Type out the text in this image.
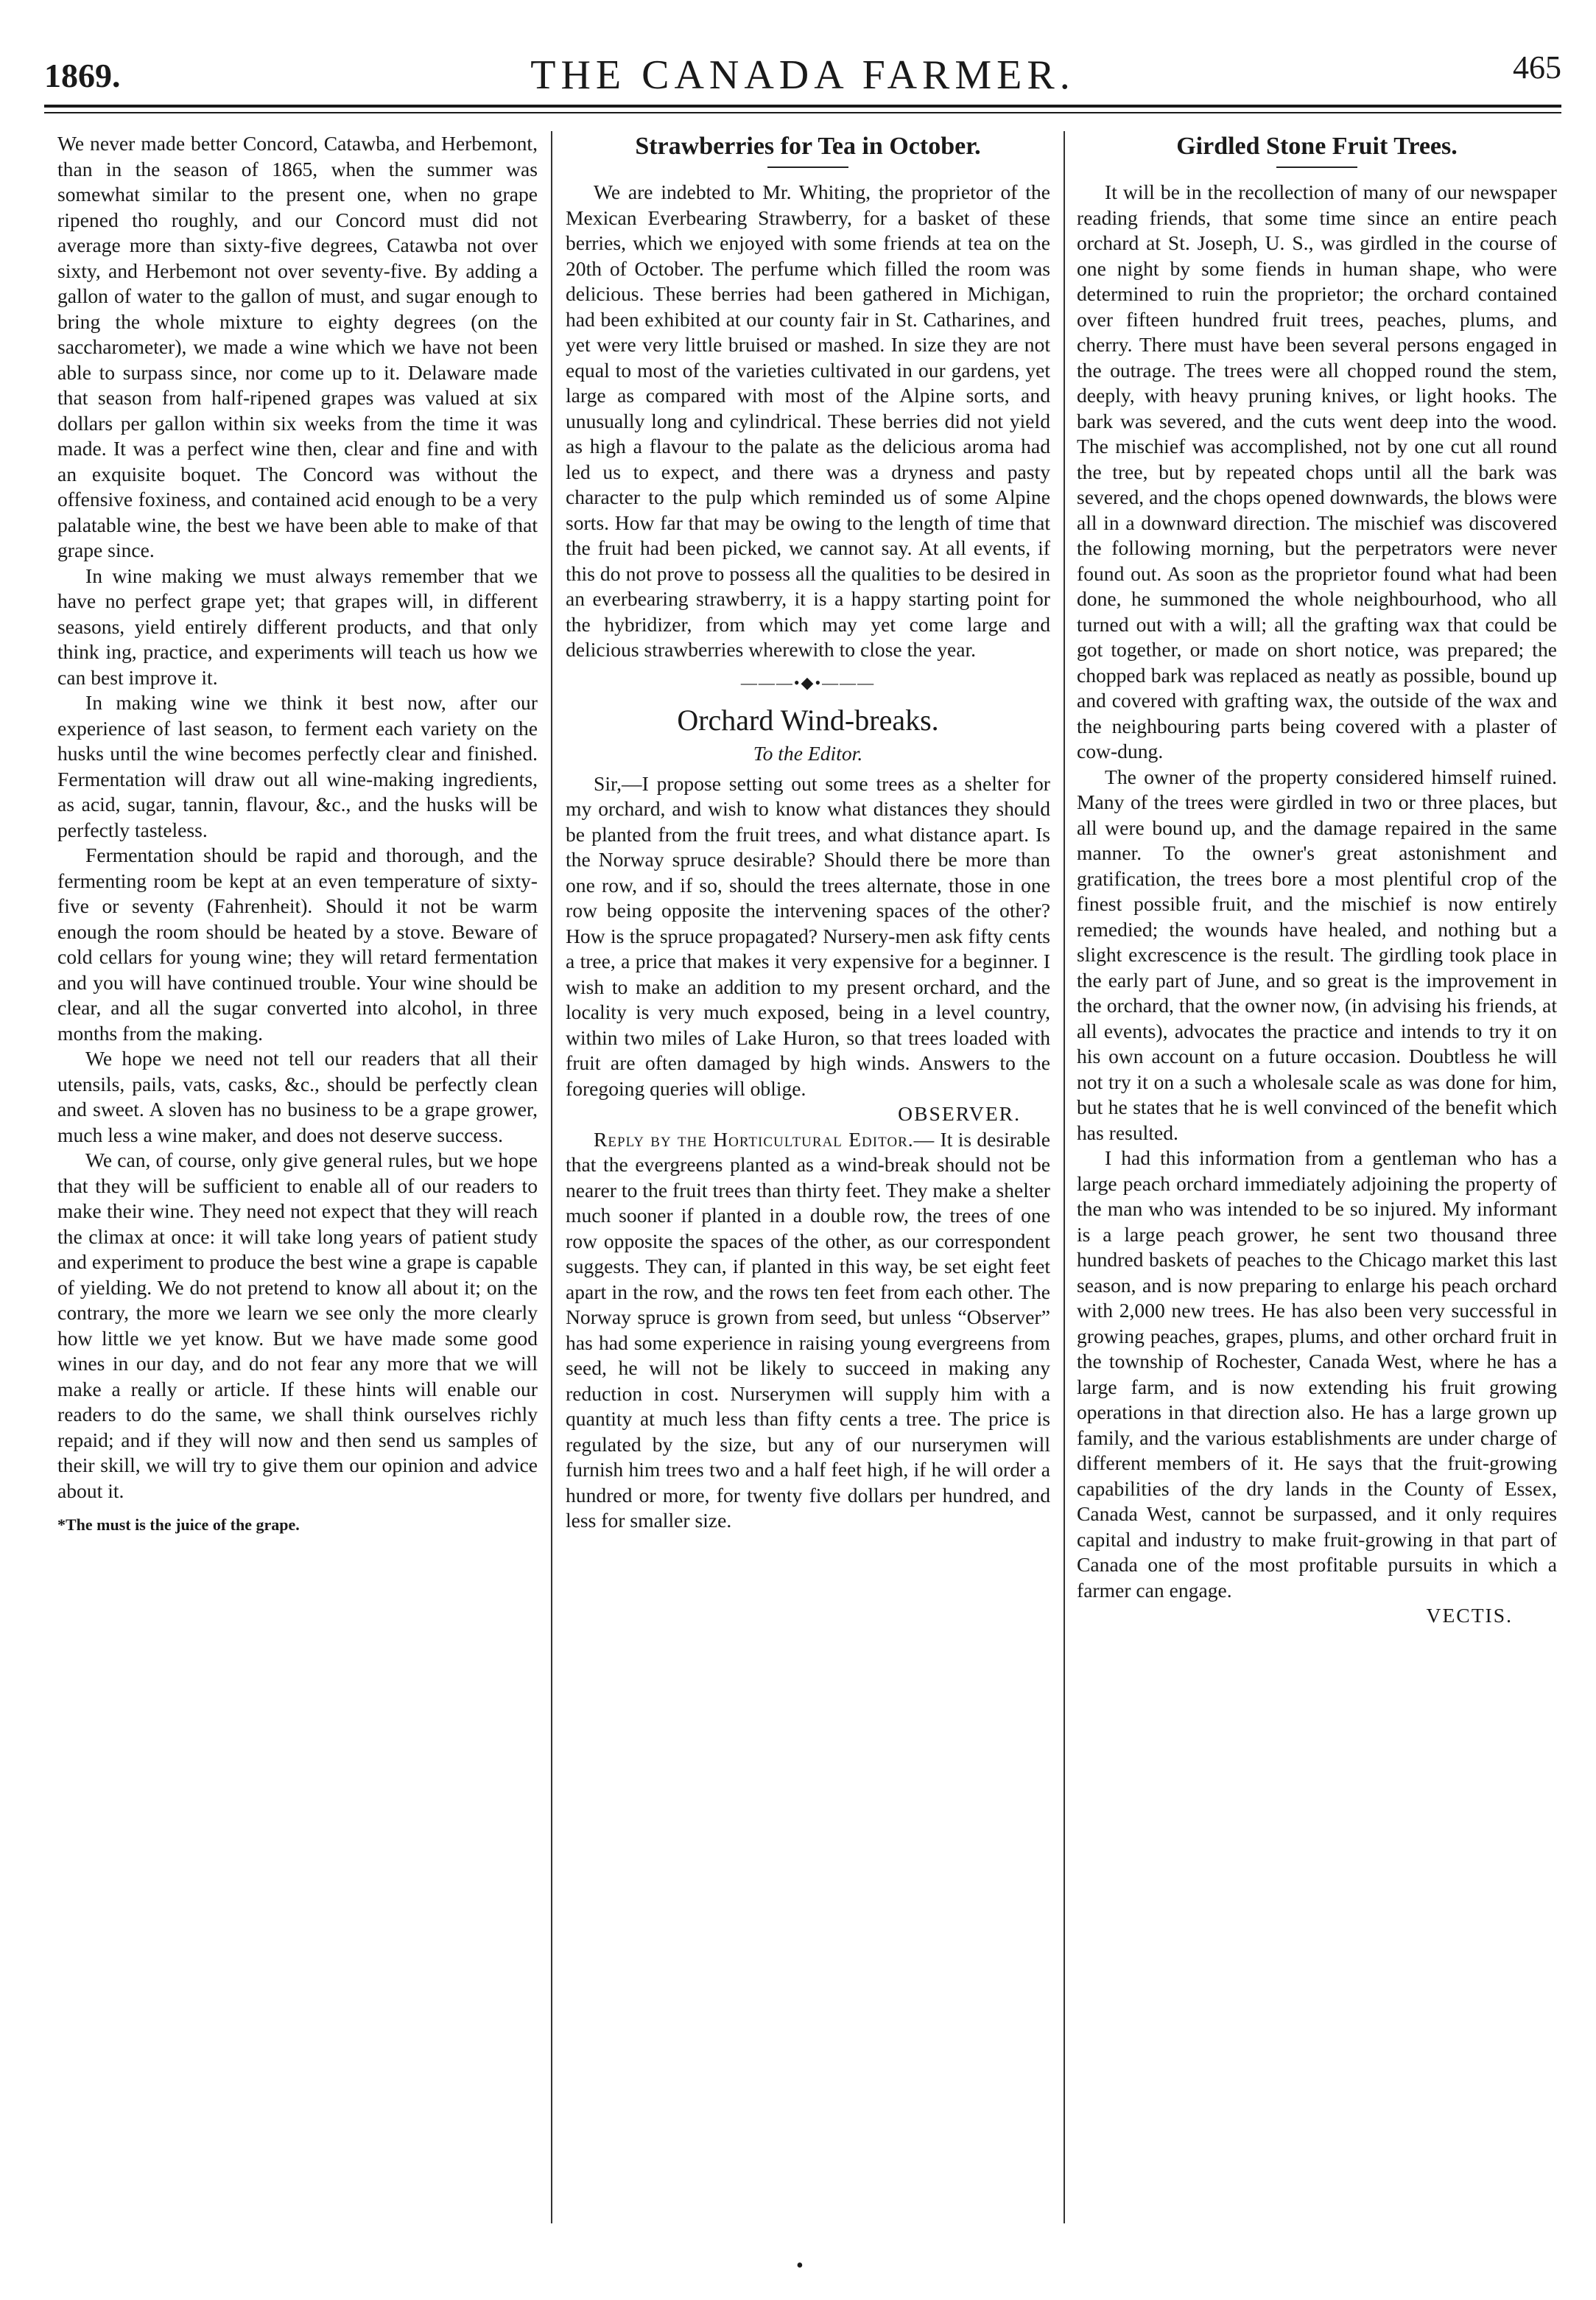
1869.	THE CANADA FARMER.	465

We never made better Concord, Catawba, and Herbemont, than in the season of 1865, when the summer was somewhat similar to the present one, when no grape ripened tho roughly, and our Concord must did not average more than sixty-five degrees, Catawba not over sixty, and Herbemont not over seventy-five. By adding a gallon of water to the gallon of must, and sugar enough to bring the whole mixture to eighty degrees (on the saccharometer), we made a wine which we have not been able to surpass since, nor come up to it. Delaware made that season from half-ripened grapes was valued at six dollars per gallon within six weeks from the time it was made. It was a perfect wine then, clear and fine and with an exquisite boquet. The Concord was without the offensive foxiness, and contained acid enough to be a very palatable wine, the best we have been able to make of that grape since.

In wine making we must always remember that we have no perfect grape yet; that grapes will, in different seasons, yield entirely different products, and that only think ing, practice, and experiments will teach us how we can best improve it.

In making wine we think it best now, after our experience of last season, to ferment each variety on the husks until the wine becomes perfectly clear and finished. Fermentation will draw out all wine-making ingredients, as acid, sugar, tannin, flavour, &c., and the husks will be perfectly tasteless.

Fermentation should be rapid and thorough, and the fermenting room be kept at an even temperature of sixty-five or seventy (Fahrenheit). Should it not be warm enough the room should be heated by a stove. Beware of cold cellars for young wine; they will retard fermentation and you will have continued trouble. Your wine should be clear, and all the sugar converted into alcohol, in three months from the making.

We hope we need not tell our readers that all their utensils, pails, vats, casks, &c., should be perfectly clean and sweet. A sloven has no business to be a grape grower, much less a wine maker, and does not deserve success.

We can, of course, only give general rules, but we hope that they will be sufficient to enable all of our readers to make their wine. They need not expect that they will reach the climax at once: it will take long years of patient study and experiment to produce the best wine a grape is capable of yielding. We do not pretend to know all about it; on the contrary, the more we learn we see only the more clearly how little we yet know. But we have made some good wines in our day, and do not fear any more that we will make a really or article. If these hints will enable our readers to do the same, we shall think ourselves richly repaid; and if they will now and then send us samples of their skill, we will try to give them our opinion and advice about it.

*The must is the juice of the grape.
Strawberries for Tea in October.

We are indebted to Mr. Whiting, the proprietor of the Mexican Everbearing Strawberry, for a basket of these berries, which we enjoyed with some friends at tea on the 20th of October. The perfume which filled the room was delicious. These berries had been gathered in Michigan, had been exhibited at our county fair in St. Catharines, and yet were very little bruised or mashed. In size they are not equal to most of the varieties cultivated in our gardens, yet large as compared with most of the Alpine sorts, and unusually long and cylindrical. These berries did not yield as high a flavour to the palate as the delicious aroma had led us to expect, and there was a dryness and pasty character to the pulp which reminded us of some Alpine sorts. How far that may be owing to the length of time that the fruit had been picked, we cannot say. At all events, if this do not prove to possess all the qualities to be desired in an everbearing strawberry, it is a happy starting point for the hybridizer, from which may yet come large and delicious strawberries wherewith to close the year.

———•◆•———
Orchard Wind-breaks.
To the Editor.

Sir,—I propose setting out some trees as a shelter for my orchard, and wish to know what distances they should be planted from the fruit trees, and what distance apart. Is the Norway spruce desirable? Should there be more than one row, and if so, should the trees alternate, those in one row being opposite the intervening spaces of the other? How is the spruce propagated? Nursery-men ask fifty cents a tree, a price that makes it very expensive for a beginner. I wish to make an addition to my present orchard, and the locality is very much exposed, being in a level country, within two miles of Lake Huron, so that trees loaded with fruit are often damaged by high winds. Answers to the foregoing queries will oblige.

OBSERVER.

Reply by the Horticultural Editor.— It is desirable that the evergreens planted as a wind-break should not be nearer to the fruit trees than thirty feet. They make a shelter much sooner if planted in a double row, the trees of one row opposite the spaces of the other, as our correspondent suggests. They can, if planted in this way, be set eight feet apart in the row, and the rows ten feet from each other. The Norway spruce is grown from seed, but unless “Observer” has had some experience in raising young evergreens from seed, he will not be likely to succeed in making any reduction in cost. Nurserymen will supply him with a quantity at much less than fifty cents a tree. The price is regulated by the size, but any of our nurserymen will furnish him trees two and a half feet high, if he will order a hundred or more, for twenty five dollars per hundred, and less for smaller size.

Girdled Stone Fruit Trees.

It will be in the recollection of many of our newspaper reading friends, that some time since an entire peach orchard at St. Joseph, U. S., was girdled in the course of one night by some fiends in human shape, who were determined to ruin the proprietor; the orchard contained over fifteen hundred fruit trees, peaches, plums, and cherry. There must have been several persons engaged in the outrage. The trees were all chopped round the stem, deeply, with heavy pruning knives, or light hooks. The bark was severed, and the cuts went deep into the wood. The mischief was accomplished, not by one cut all round the tree, but by repeated chops until all the bark was severed, and the chops opened downwards, the blows were all in a downward direction. The mischief was discovered the following morning, but the perpetrators were never found out. As soon as the proprietor found what had been done, he summoned the whole neighbourhood, who all turned out with a will; all the grafting wax that could be got together, or made on short notice, was prepared; the chopped bark was replaced as neatly as possible, bound up and covered with grafting wax, the outside of the wax and the neighbouring parts being covered with a plaster of cow-dung.

The owner of the property considered himself ruined. Many of the trees were girdled in two or three places, but all were bound up, and the damage repaired in the same manner. To the owner's great astonishment and gratification, the trees bore a most plentiful crop of the finest possible fruit, and the mischief is now entirely remedied; the wounds have healed, and nothing but a slight excrescence is the result. The girdling took place in the early part of June, and so great is the improvement in the orchard, that the owner now, (in advising his friends, at all events), advocates the practice and intends to try it on his own account on a future occasion. Doubtless he will not try it on a such a wholesale scale as was done for him, but he states that he is well convinced of the benefit which has resulted.

I had this information from a gentleman who has a large peach orchard immediately adjoining the property of the man who was intended to be so injured. My informant is a large peach grower, he sent two thousand three hundred baskets of peaches to the Chicago market this last season, and is now preparing to enlarge his peach orchard with 2,000 new trees. He has also been very successful in growing peaches, grapes, plums, and other orchard fruit in the township of Rochester, Canada West, where he has a large farm, and is now extending his fruit growing operations in that direction also. He has a large grown up family, and the various establishments are under charge of different members of it. He says that the fruit-growing capabilities of the dry lands in the County of Essex, Canada West, cannot be surpassed, and it only requires capital and industry to make fruit-growing in that part of Canada one of the most profitable pursuits in which a farmer can engage.

VECTIS.

•
